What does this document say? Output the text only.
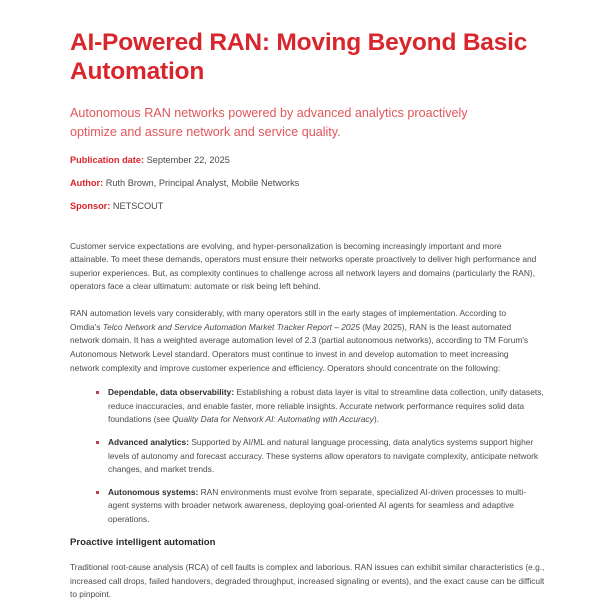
AI-Powered RAN: Moving Beyond Basic Automation

Autonomous RAN networks powered by advanced analytics proactively optimize and assure network and service quality.

Publication date: September 22, 2025

Author: Ruth Brown, Principal Analyst, Mobile Networks

Sponsor: NETSCOUT

Customer service expectations are evolving, and hyper-personalization is becoming increasingly important and more attainable. To meet these demands, operators must ensure their networks operate proactively to deliver high performance and superior experiences. But, as complexity continues to challenge across all network layers and domains (particularly the RAN), operators face a clear ultimatum: automate or risk being left behind.

RAN automation levels vary considerably, with many operators still in the early stages of implementation. According to Omdia's Telco Network and Service Automation Market Tracker Report – 2025 (May 2025), RAN is the least automated network domain. It has a weighted average automation level of 2.3 (partial autonomous networks), according to TM Forum's Autonomous Network Level standard. Operators must continue to invest in and develop automation to meet increasing network complexity and improve customer experience and efficiency. Operators should concentrate on the following:

Dependable, data observability: Establishing a robust data layer is vital to streamline data collection, unify datasets, reduce inaccuracies, and enable faster, more reliable insights. Accurate network performance requires solid data foundations (see Quality Data for Network AI: Automating with Accuracy).
Advanced analytics: Supported by AI/ML and natural language processing, data analytics systems support higher levels of autonomy and forecast accuracy. These systems allow operators to navigate complexity, anticipate network changes, and market trends.
Autonomous systems: RAN environments must evolve from separate, specialized AI-driven processes to multi-agent systems with broader network awareness, deploying goal-oriented AI agents for seamless and adaptive operations.
Proactive intelligent automation

Traditional root-cause analysis (RCA) of cell faults is complex and laborious. RAN issues can exhibit similar characteristics (e.g., increased call drops, failed handovers, degraded throughput, increased signaling or events), and the exact cause can be difficult to pinpoint.
